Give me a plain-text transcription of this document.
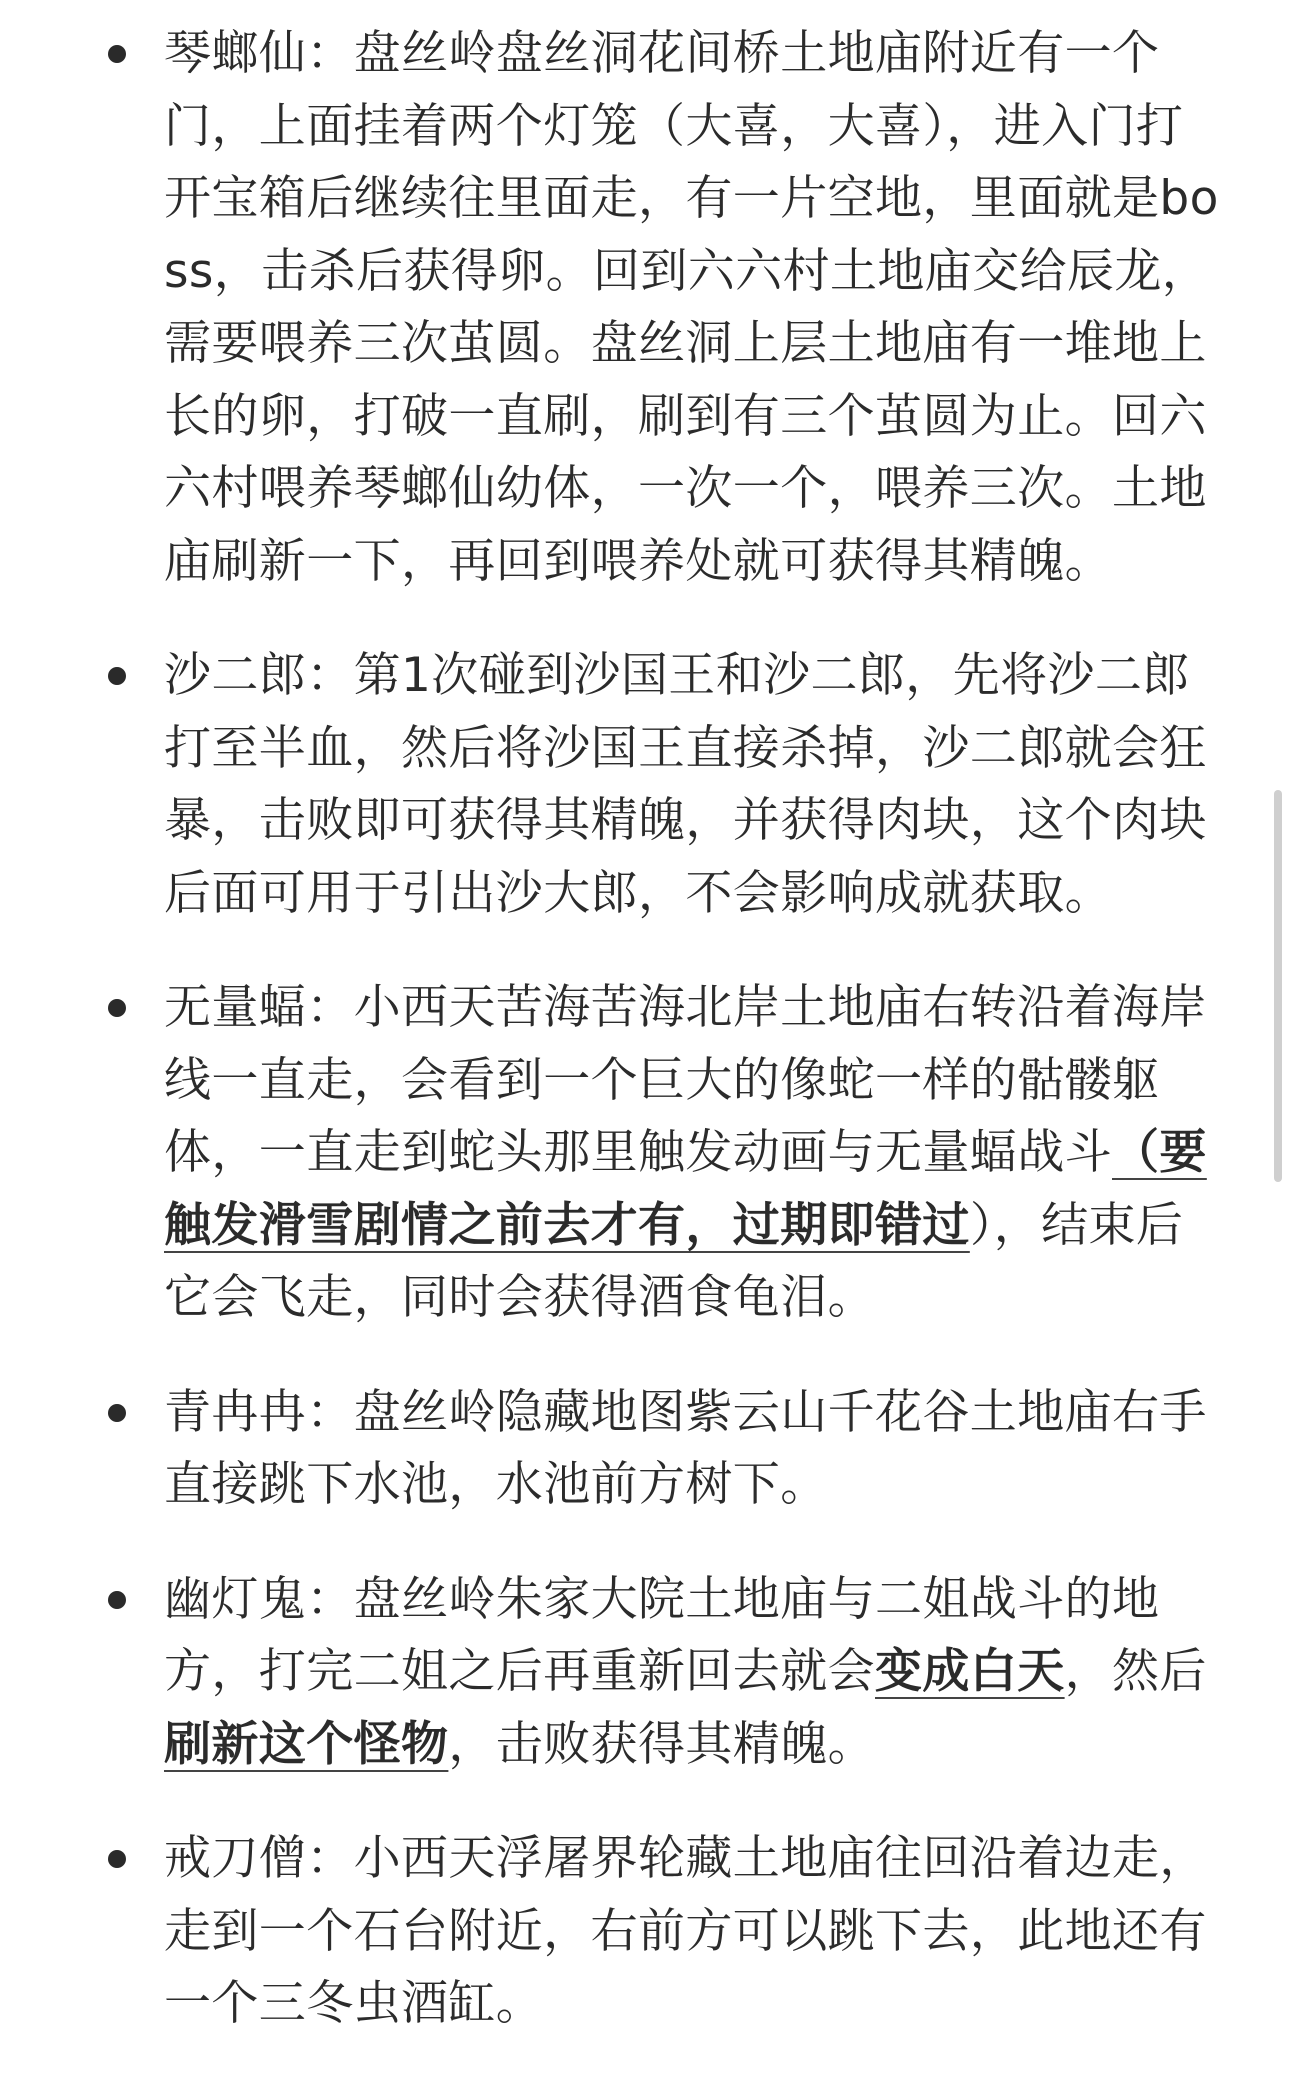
琴螂仙：盘丝岭盘丝洞花间桥土地庙附近有一个门，上面挂着两个灯笼（大喜，大喜），进入门打开宝箱后继续往里面走，有一片空地，里面就是boss，击杀后获得卵。回到六六村土地庙交给辰龙，需要喂养三次茧圆。盘丝洞上层土地庙有一堆地上长的卵，打破一直刷，刷到有三个茧圆为止。回六六村喂养琴螂仙幼体，一次一个，喂养三次。土地庙刷新一下，再回到喂养处就可获得其精魄。
沙二郎：第1次碰到沙国王和沙二郎，先将沙二郎打至半血，然后将沙国王直接杀掉，沙二郎就会狂暴，击败即可获得其精魄，并获得肉块，这个肉块后面可用于引出沙大郎，不会影响成就获取。
无量蝠：小西天苦海苦海北岸土地庙右转沿着海岸线一直走，会看到一个巨大的像蛇一样的骷髅躯体，一直走到蛇头那里触发动画与无量蝠战斗（要触发滑雪剧情之前去才有，过期即错过），结束后它会飞走，同时会获得酒食龟泪。
青冉冉：盘丝岭隐藏地图紫云山千花谷土地庙右手直接跳下水池，水池前方树下。
幽灯鬼：盘丝岭朱家大院土地庙与二姐战斗的地方，打完二姐之后再重新回去就会变成白天，然后刷新这个怪物，击败获得其精魄。
戒刀僧：小西天浮屠界轮藏土地庙往回沿着边走，走到一个石台附近，右前方可以跳下去，此地还有一个三冬虫酒缸。
